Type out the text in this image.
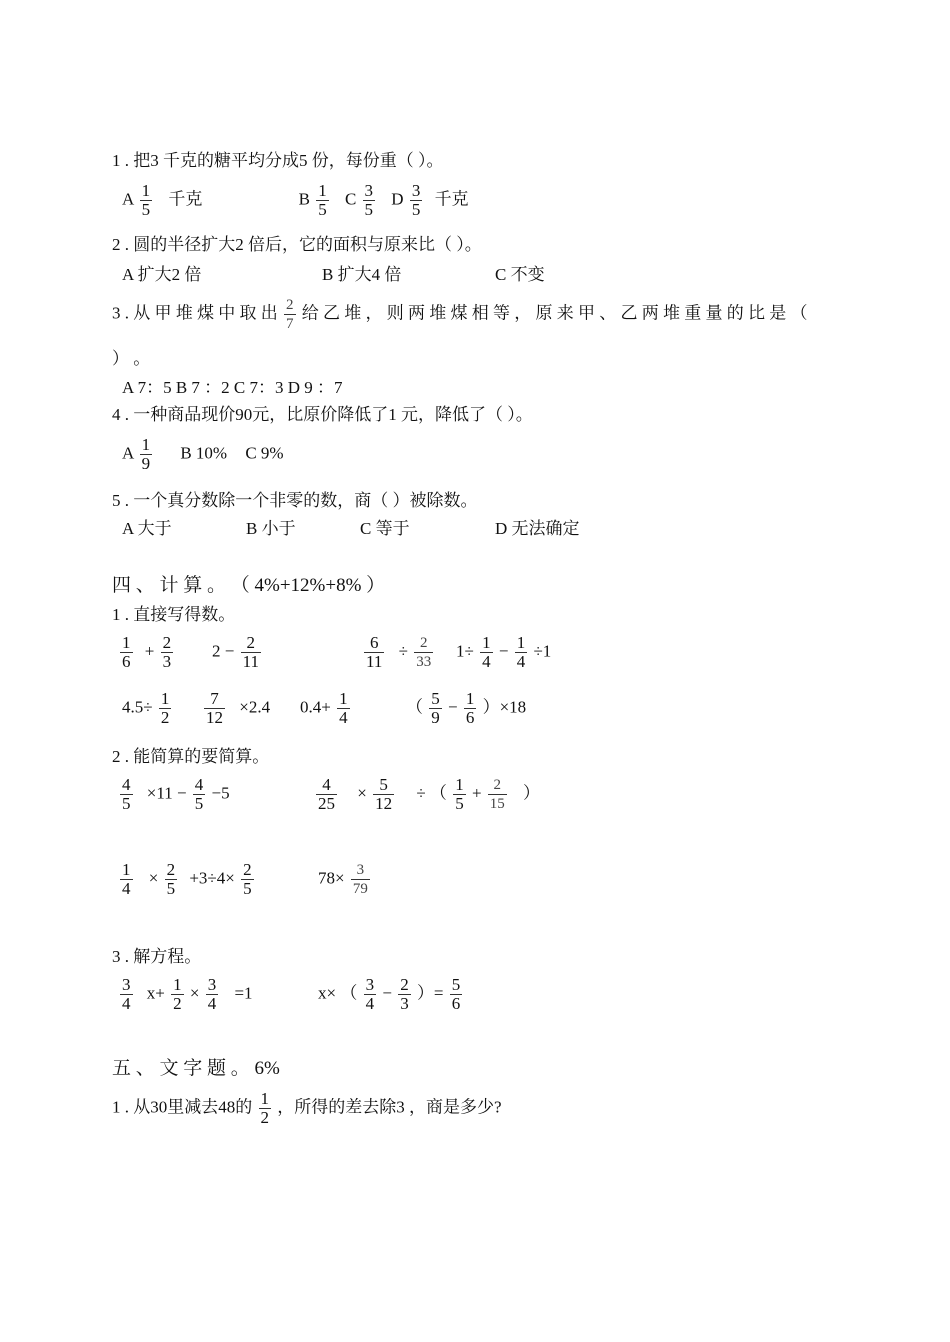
1 . 把3 千克的糖平均分成5 份，每份重（ ）。
A $\frac{1}{5}$ 千克	B $\frac{1}{5}$ C $\frac{3}{5}$ D $\frac{3}{5}$ 千克
2 . 圆的半径扩大2 倍后，它的面积与原来比（ ）。
A 扩大2 倍	B 扩大4 倍	C 不变
3 . 从 甲 堆 煤 中 取 出 $\frac{2}{7}$ 给 乙 堆 ， 则 两 堆 煤 相 等 ， 原 来 甲 、 乙 两 堆 重 量 的 比 是 （
） 。
A 7：5 B 7 ：2 C 7：3 D 9 ：7
4 . 一种商品现价90元，比原价降低了1 元，降低了（ ）。
A $\frac{1}{9}$ B 10% C 9%
5 . 一个真分数除一个非零的数，商（ ）被除数。
A 大于	B 小于	C 等于	D 无法确定
四 、 计 算 。 （ 4%+12%+8% ）
1 . 直接写得数。
$\frac{1}{6} + \frac{2}{3} 2 - \frac{2}{11}$	$\frac{6}{11} \div \frac{2}{33} 1\div \frac{1}{4} - \frac{1}{4} \div 1$
$4.5\div \frac{1}{2} \frac{7}{12} \times 2.4$ $0.4+ \frac{1}{4}$	（ $\frac{5}{9} - \frac{1}{6} )\times 18$
2 . 能简算的要简算。
$\frac{4}{5} \times 11 - \frac{4}{5} -5$	$\frac{4}{25} \times \frac{5}{12}$ ÷ （ $\frac{1}{5} + \frac{2}{15}$ ）
$\frac{1}{4} \times \frac{2}{5} +3\div 4\times \frac{2}{5}$	$78\times \frac{3}{79}$
3 . 解方程。
$\frac{3}{4} x+ \frac{1}{2} \times \frac{3}{4} =1$	x× （ $\frac{3}{4} - \frac{2}{3}$ ）= $\frac{5}{6}$
五 、 文 字 题 。 6%
1 . 从30里减去48的 $\frac{1}{2}$ ，所得的差去除3 ，商是多少?
